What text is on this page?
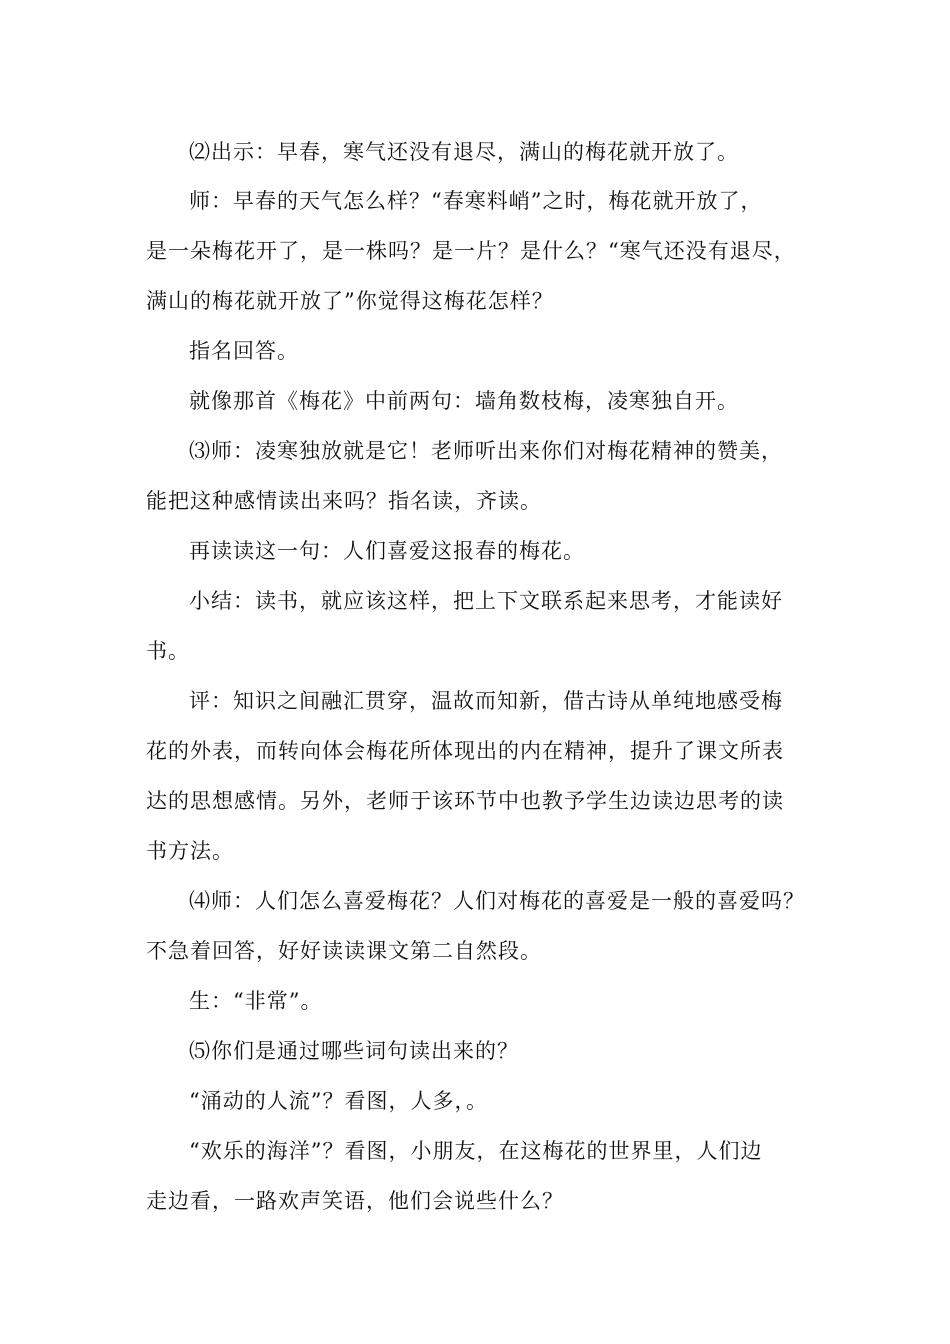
⑵出示：早春，寒气还没有退尽，满山的梅花就开放了。
师：早春的天气怎么样？“春寒料峭”之时，梅花就开放了，
是一朵梅花开了，是一株吗？是一片？是什么？“寒气还没有退尽，
满山的梅花就开放了”你觉得这梅花怎样？
指名回答。
就像那首《梅花》中前两句：墙角数枝梅，凌寒独自开。
⑶师：凌寒独放就是它！老师听出来你们对梅花精神的赞美，
能把这种感情读出来吗？指名读，齐读。
再读读这一句：人们喜爱这报春的梅花。
小结：读书，就应该这样，把上下文联系起来思考，才能读好
书。
评：知识之间融汇贯穿，温故而知新，借古诗从单纯地感受梅
花的外表，而转向体会梅花所体现出的内在精神，提升了课文所表
达的思想感情。另外，老师于该环节中也教予学生边读边思考的读
书方法。
⑷师：人们怎么喜爱梅花？人们对梅花的喜爱是一般的喜爱吗？
不急着回答，好好读读课文第二自然段。
生：“非常”。
⑸你们是通过哪些词句读出来的？
“涌动的人流”？看图，人多，。
“欢乐的海洋”？看图，小朋友，在这梅花的世界里，人们边
走边看，一路欢声笑语，他们会说些什么？
